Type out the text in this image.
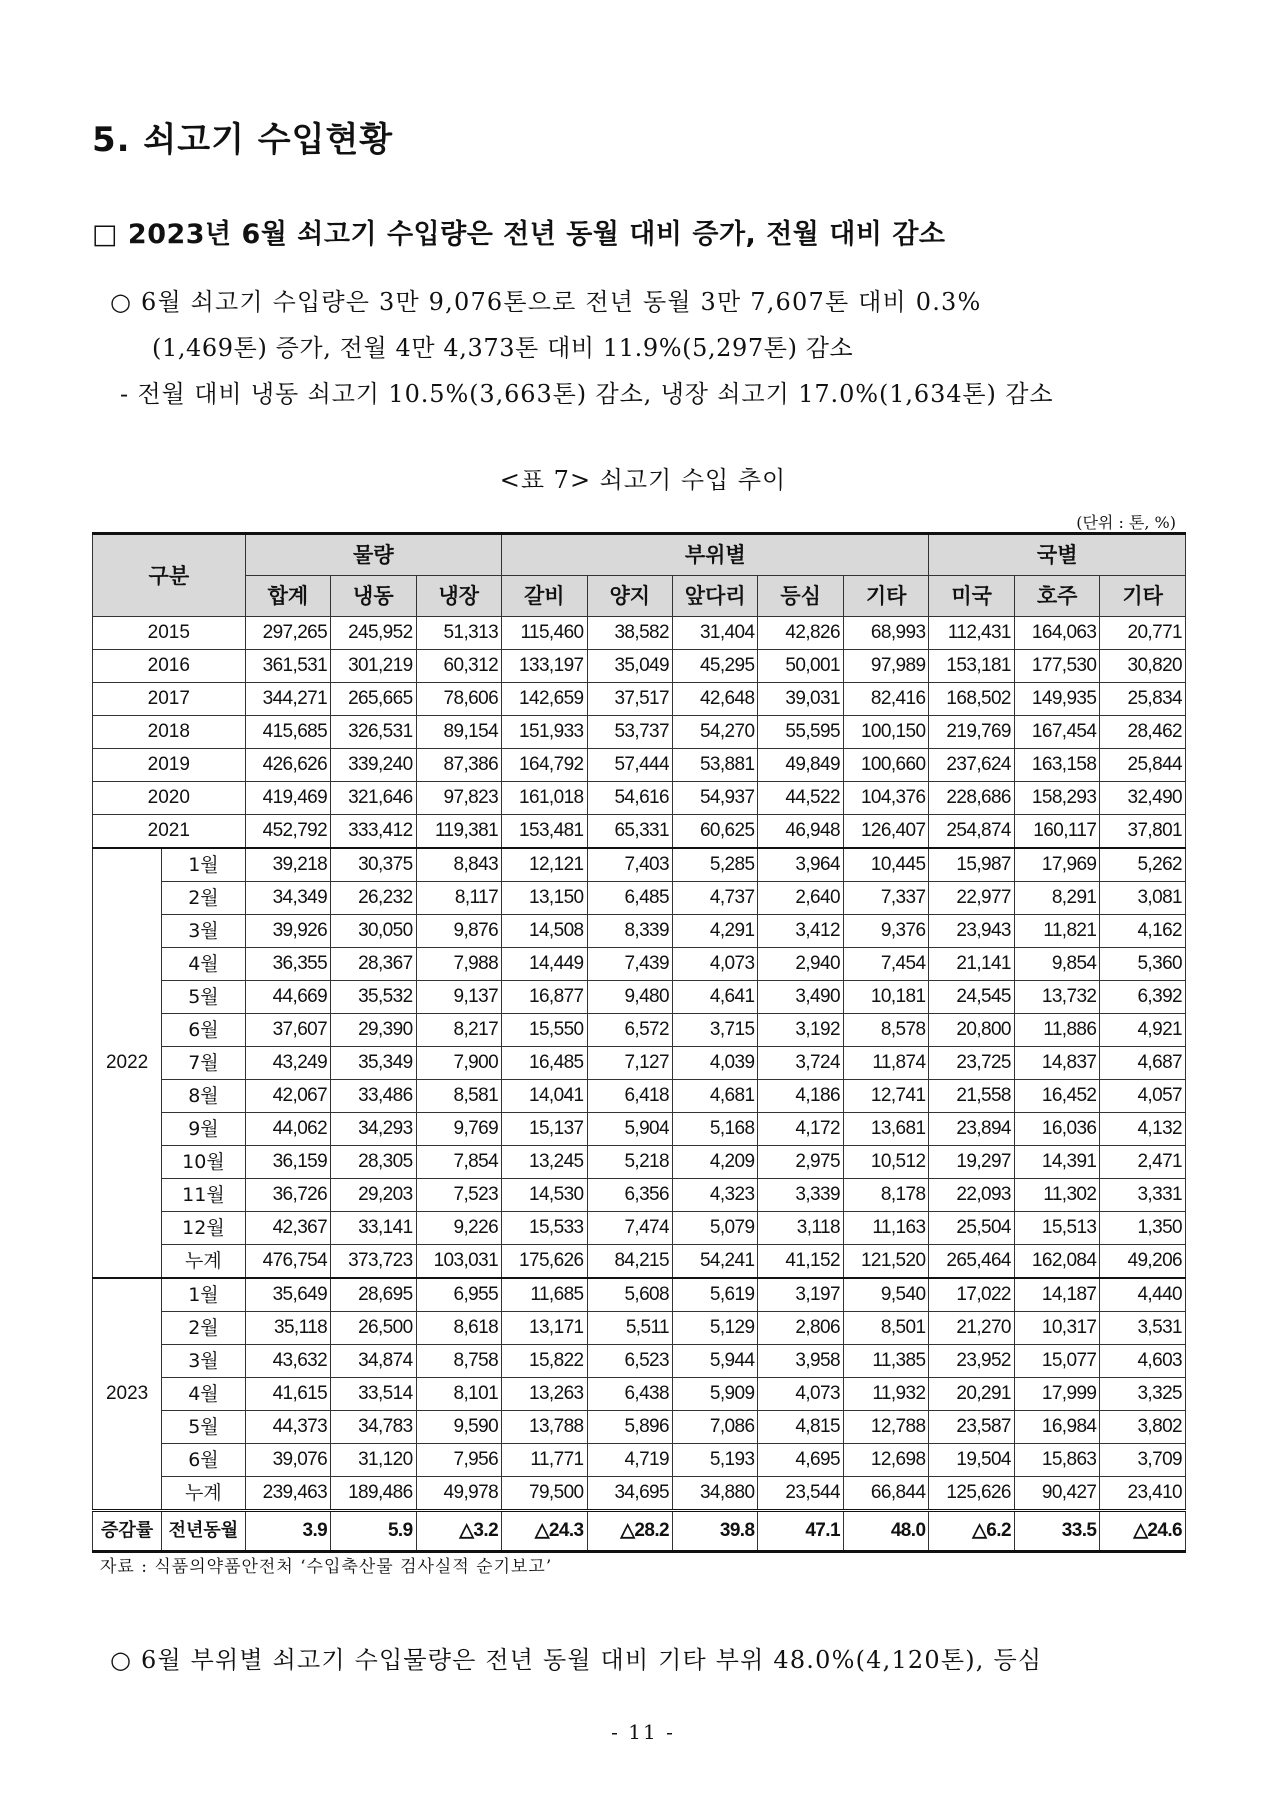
5. 쇠고기 수입현황
□ 2023년 6월 쇠고기 수입량은 전년 동월 대비 증가, 전월 대비 감소
○ 6월 쇠고기 수입량은 3만 9,076톤으로 전년 동월 3만 7,607톤 대비 0.3%
(1,469톤) 증가, 전월 4만 4,373톤 대비 11.9%(5,297톤) 감소
- 전월 대비 냉동 쇠고기 10.5%(3,663톤) 감소, 냉장 쇠고기 17.0%(1,634톤) 감소
<표 7> 쇠고기 수입 추이
(단위 : 톤, %)
구분		물량			부위별					국별		
		합계	냉동	냉장	갈비	양지	앞다리	등심	기타	미국	호주	기타
2015		297,265	245,952	51,313	115,460	38,582	31,404	42,826	68,993	112,431	164,063	20,771
2016		361,531	301,219	60,312	133,197	35,049	45,295	50,001	97,989	153,181	177,530	30,820
2017		344,271	265,665	78,606	142,659	37,517	42,648	39,031	82,416	168,502	149,935	25,834
2018		415,685	326,531	89,154	151,933	53,737	54,270	55,595	100,150	219,769	167,454	28,462
2019		426,626	339,240	87,386	164,792	57,444	53,881	49,849	100,660	237,624	163,158	25,844
2020		419,469	321,646	97,823	161,018	54,616	54,937	44,522	104,376	228,686	158,293	32,490
2021		452,792	333,412	119,381	153,481	65,331	60,625	46,948	126,407	254,874	160,117	37,801
2022	1월	39,218	30,375	8,843	12,121	7,403	5,285	3,964	10,445	15,987	17,969	5,262
	2월	34,349	26,232	8,117	13,150	6,485	4,737	2,640	7,337	22,977	8,291	3,081
	3월	39,926	30,050	9,876	14,508	8,339	4,291	3,412	9,376	23,943	11,821	4,162
	4월	36,355	28,367	7,988	14,449	7,439	4,073	2,940	7,454	21,141	9,854	5,360
	5월	44,669	35,532	9,137	16,877	9,480	4,641	3,490	10,181	24,545	13,732	6,392
	6월	37,607	29,390	8,217	15,550	6,572	3,715	3,192	8,578	20,800	11,886	4,921
	7월	43,249	35,349	7,900	16,485	7,127	4,039	3,724	11,874	23,725	14,837	4,687
	8월	42,067	33,486	8,581	14,041	6,418	4,681	4,186	12,741	21,558	16,452	4,057
	9월	44,062	34,293	9,769	15,137	5,904	5,168	4,172	13,681	23,894	16,036	4,132
	10월	36,159	28,305	7,854	13,245	5,218	4,209	2,975	10,512	19,297	14,391	2,471
	11월	36,726	29,203	7,523	14,530	6,356	4,323	3,339	8,178	22,093	11,302	3,331
	12월	42,367	33,141	9,226	15,533	7,474	5,079	3,118	11,163	25,504	15,513	1,350
	누계	476,754	373,723	103,031	175,626	84,215	54,241	41,152	121,520	265,464	162,084	49,206
2023	1월	35,649	28,695	6,955	11,685	5,608	5,619	3,197	9,540	17,022	14,187	4,440
	2월	35,118	26,500	8,618	13,171	5,511	5,129	2,806	8,501	21,270	10,317	3,531
	3월	43,632	34,874	8,758	15,822	6,523	5,944	3,958	11,385	23,952	15,077	4,603
	4월	41,615	33,514	8,101	13,263	6,438	5,909	4,073	11,932	20,291	17,999	3,325
	5월	44,373	34,783	9,590	13,788	5,896	7,086	4,815	12,788	23,587	16,984	3,802
	6월	39,076	31,120	7,956	11,771	4,719	5,193	4,695	12,698	19,504	15,863	3,709
	누계	239,463	189,486	49,978	79,500	34,695	34,880	23,544	66,844	125,626	90,427	23,410
증감률	전년동월	3.9	5.9	△3.2	△24.3	△28.2	39.8	47.1	48.0	△6.2	33.5	△24.6
자료 : 식품의약품안전처 ‘수입축산물 검사실적 순기보고’
○ 6월 부위별 쇠고기 수입물량은 전년 동월 대비 기타 부위 48.0%(4,120톤), 등심
- 11 -
